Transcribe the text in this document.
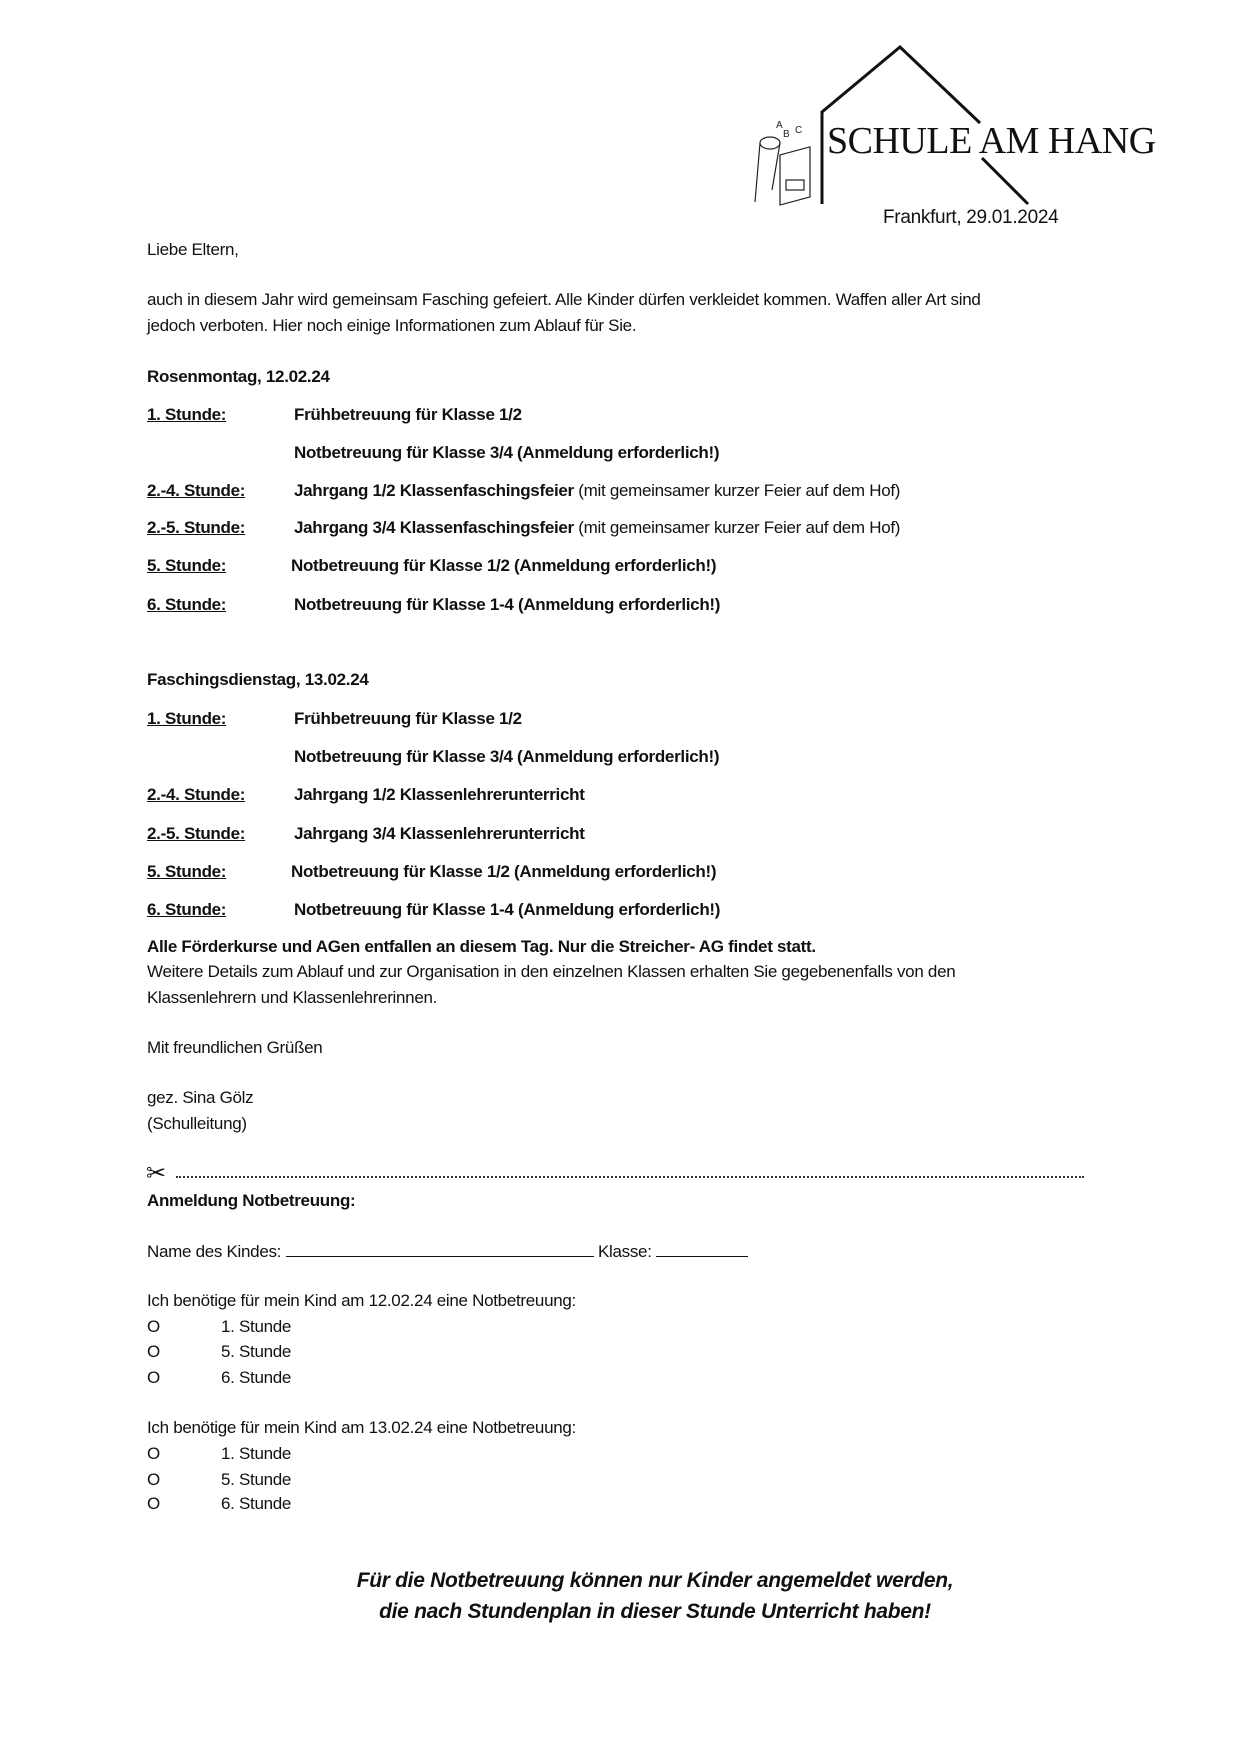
SCHULE AM HANG
A
B C
Frankfurt, 29.01.2024
Liebe Eltern,
auch in diesem Jahr wird gemeinsam Fasching gefeiert. Alle Kinder dürfen verkleidet kommen. Waffen aller Art sind
jedoch verboten. Hier noch einige Informationen zum Ablauf für Sie.
Rosenmontag, 12.02.24
1. Stunde:	Frühbetreuung für Klasse 1/2
Notbetreuung für Klasse 3/4 (Anmeldung erforderlich!)
2.-4. Stunde:	Jahrgang 1/2 Klassenfaschingsfeier (mit gemeinsamer kurzer Feier auf dem Hof)
2.-5. Stunde:	Jahrgang 3/4 Klassenfaschingsfeier (mit gemeinsamer kurzer Feier auf dem Hof)
5. Stunde:	Notbetreuung für Klasse 1/2 (Anmeldung erforderlich!)
6. Stunde:	Notbetreuung für Klasse 1-4 (Anmeldung erforderlich!)
Faschingsdienstag, 13.02.24
1. Stunde:	Frühbetreuung für Klasse 1/2
Notbetreuung für Klasse 3/4 (Anmeldung erforderlich!)
2.-4. Stunde:	Jahrgang 1/2 Klassenlehrerunterricht
2.-5. Stunde:	Jahrgang 3/4 Klassenlehrerunterricht
5. Stunde:	Notbetreuung für Klasse 1/2 (Anmeldung erforderlich!)
6. Stunde:	Notbetreuung für Klasse 1-4 (Anmeldung erforderlich!)
Alle Förderkurse und AGen entfallen an diesem Tag. Nur die Streicher- AG findet statt.
Weitere Details zum Ablauf und zur Organisation in den einzelnen Klassen erhalten Sie gegebenenfalls von den
Klassenlehrern und Klassenlehrerinnen.
Mit freundlichen Grüßen
gez. Sina Gölz
(Schulleitung)
✂
Anmeldung Notbetreuung:
Name des Kindes:	Klasse:
Ich benötige für mein Kind am 12.02.24 eine Notbetreuung:
O	1. Stunde
O	5. Stunde
O	6. Stunde
Ich benötige für mein Kind am 13.02.24 eine Notbetreuung:
O	1. Stunde
O	5. Stunde
O	6. Stunde
Für die Notbetreuung können nur Kinder angemeldet werden,
die nach Stundenplan in dieser Stunde Unterricht haben!
